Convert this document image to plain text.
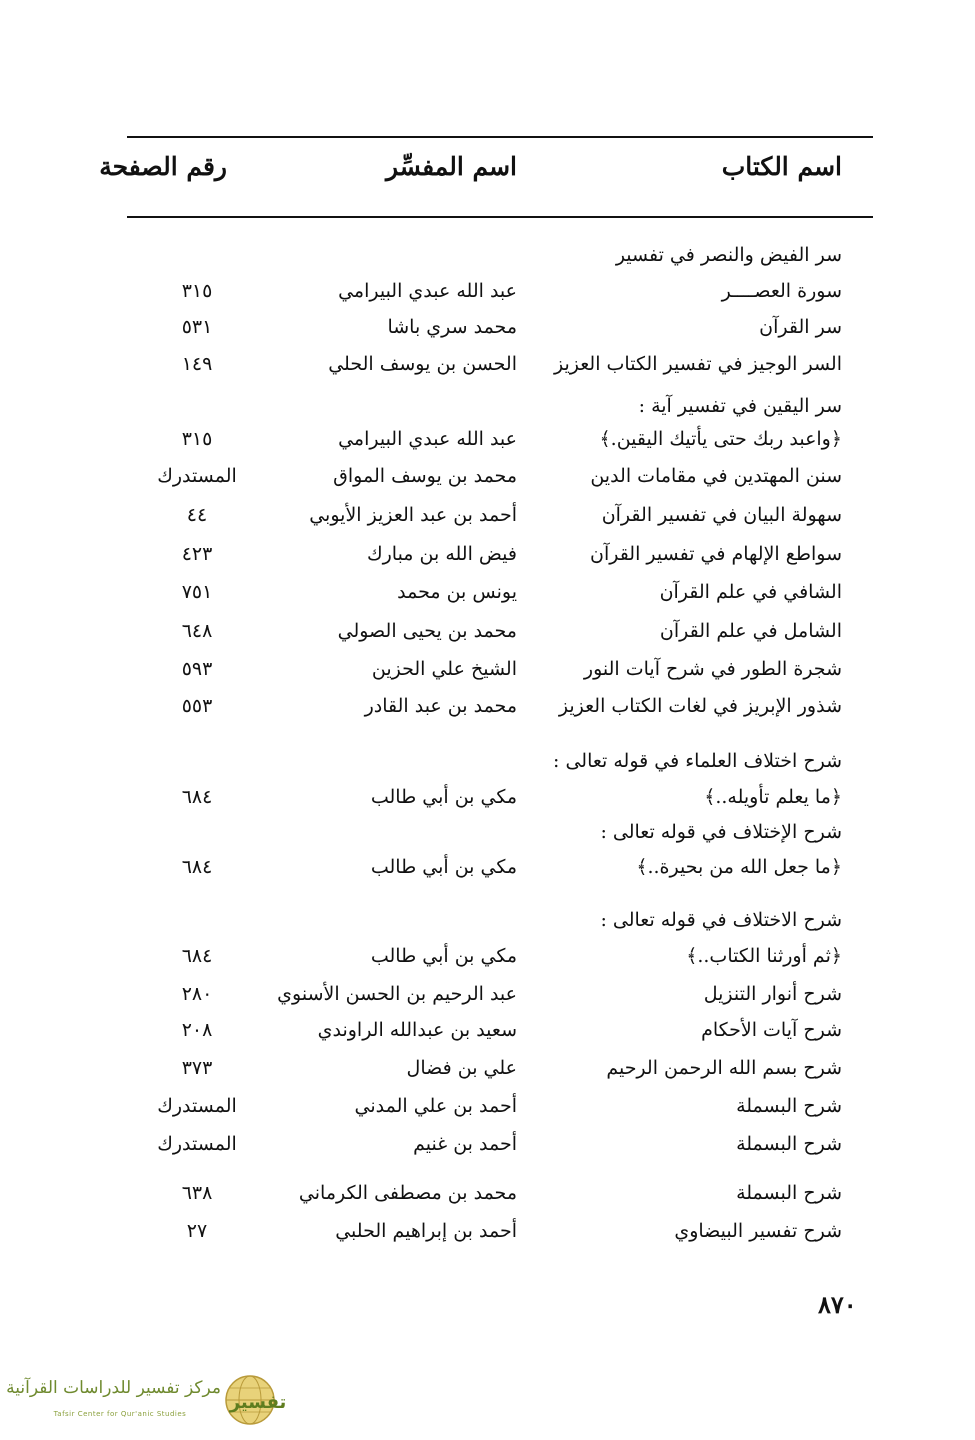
اسم الكتاب
اسم المفسِّر
رقم الصفحة
سر الفيض والنصر في تفسير
سورة العصــــر
عبد الله عبدي البيرامي
٣١٥
سر القرآن
محمد سري باشا
٥٣١
السر الوجيز في تفسير الكتاب العزيز
الحسن بن يوسف الحلي
١٤٩
سر اليقين في تفسير آية :
﴿واعبد ربك حتى يأتيك اليقين.﴾
عبد الله عبدي البيرامي
٣١٥
سنن المهتدين في مقامات الدين
محمد بن يوسف المواق
المستدرك
سهولة البيان في تفسير القرآن
أحمد بن عبد العزيز الأيوبي
٤٤
سواطع الإلهام في تفسير القرآن
فيض الله بن مبارك
٤٢٣
الشافي في علم القرآن
يونس بن محمد
٧٥١
الشامل في علم القرآن
محمد بن يحيى الصولي
٦٤٨
شجرة الطور في شرح آيات النور
الشيخ علي الحزين
٥٩٣
شذور الإبريز في لغات الكتاب العزيز
محمد بن عبد القادر
٥٥٣
شرح اختلاف العلماء في قوله تعالى :
﴿ما يعلم تأويله..﴾
مكي بن أبي طالب
٦٨٤
شرح الإختلاف في قوله تعالى :
﴿ما جعل الله من بحيرة..﴾
مكي بن أبي طالب
٦٨٤
شرح الاختلاف في قوله تعالى :
﴿ثم أورثنا الكتاب..﴾
مكي بن أبي طالب
٦٨٤
شرح أنوار التنزيل
عبد الرحيم بن الحسن الأسنوي
٢٨٠
شرح آيات الأحكام
سعيد بن عبدالله الراوندي
٢٠٨
شرح بسم الله الرحمن الرحيم
علي بن فضال
٣٧٣
شرح البسملة
أحمد بن علي المدني
المستدرك
شرح البسملة
أحمد بن غنيم
المستدرك
شرح البسملة
محمد بن مصطفى الكرماني
٦٣٨
شرح تفسير البيضاوي
أحمد بن إبراهيم الحلبي
٢٧
٨٧٠
مركز تفسير للدراسات القرآنية
Tafsir Center for Qur'anic Studies
تفسير
